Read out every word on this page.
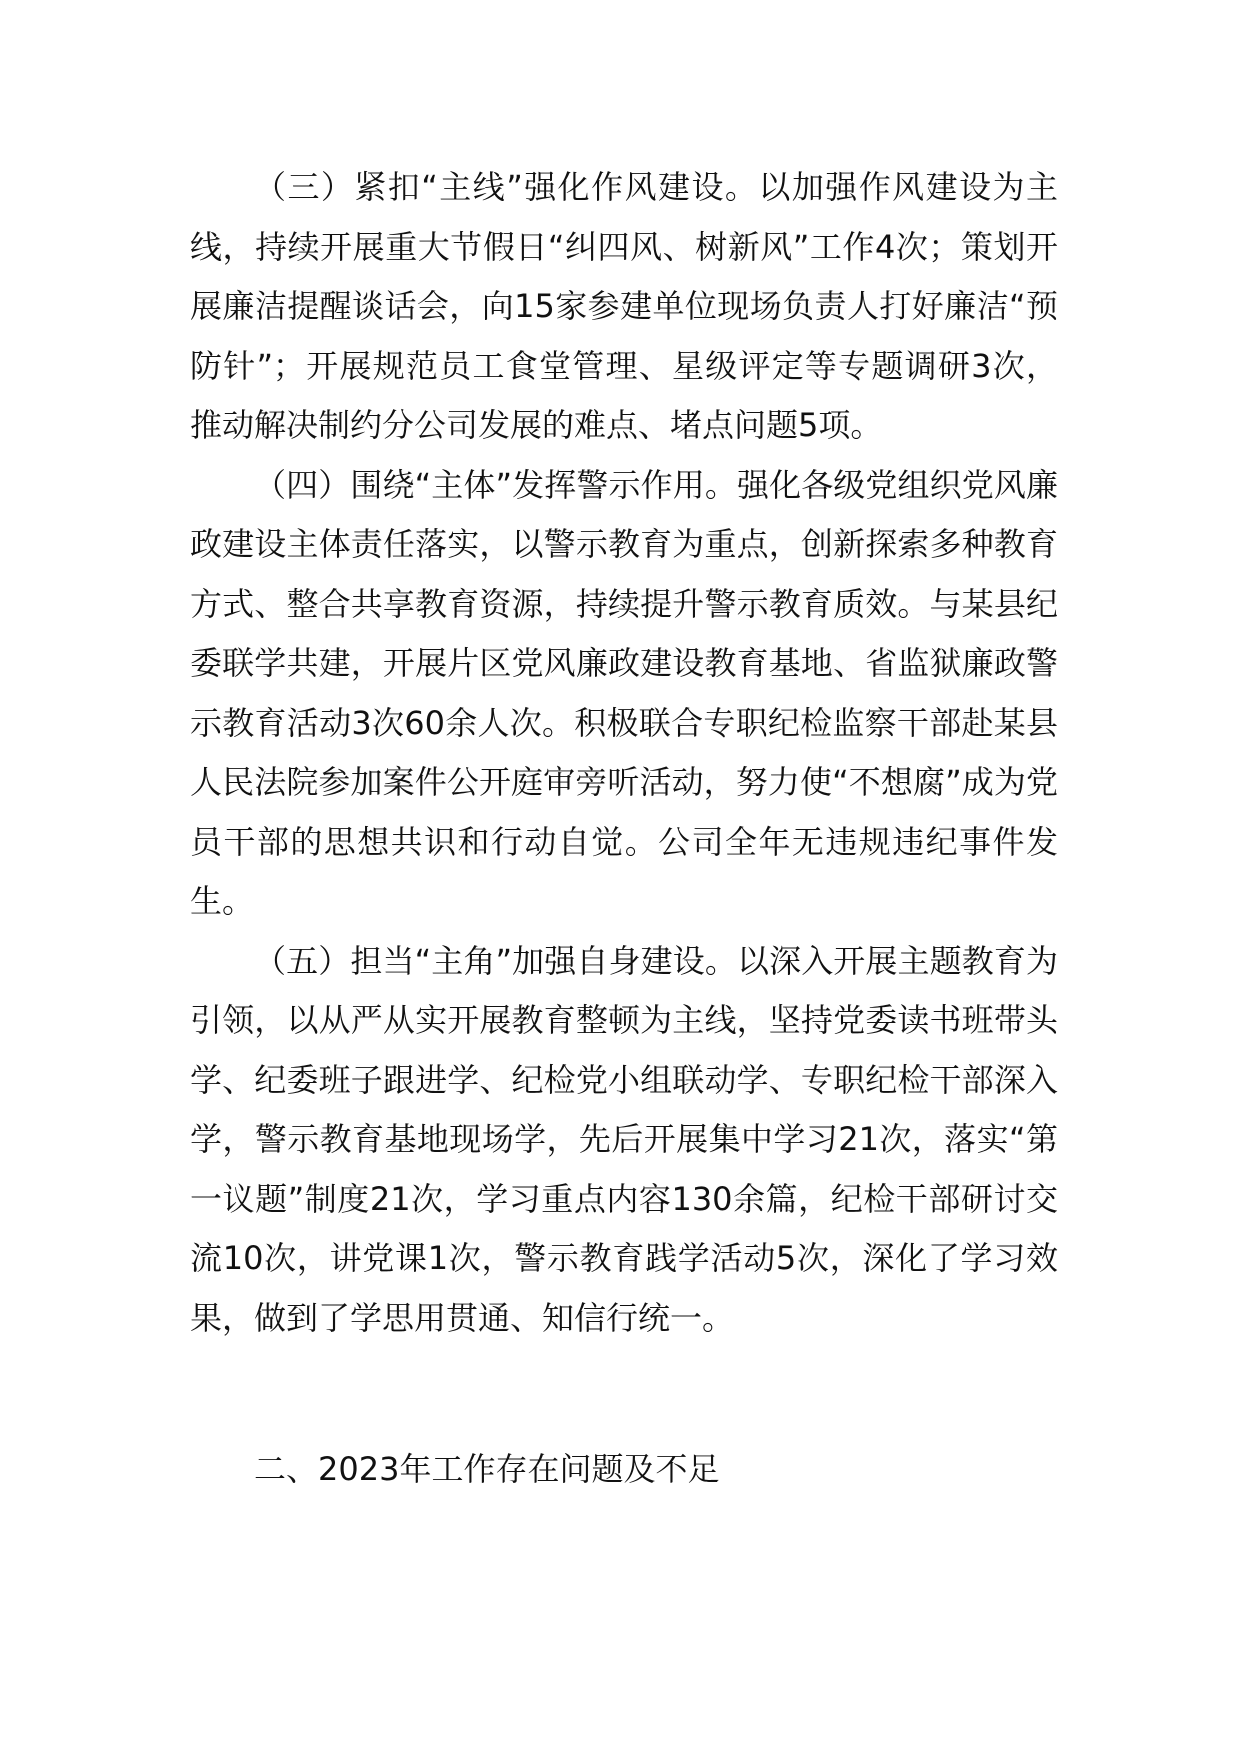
（三）紧扣“主线”强化作风建设。以加强作风建设为主线，持续开展重大节假日“纠四风、树新风”工作4次；策划开展廉洁提醒谈话会，向15家参建单位现场负责人打好廉洁“预防针”；开展规范员工食堂管理、星级评定等专题调研3次，推动解决制约分公司发展的难点、堵点问题5项。

（四）围绕“主体”发挥警示作用。强化各级党组织党风廉政建设主体责任落实，以警示教育为重点，创新探索多种教育方式、整合共享教育资源，持续提升警示教育质效。与某县纪委联学共建，开展片区党风廉政建设教育基地、省监狱廉政警示教育活动3次60余人次。积极联合专职纪检监察干部赴某县人民法院参加案件公开庭审旁听活动，努力使“不想腐”成为党员干部的思想共识和行动自觉。公司全年无违规违纪事件发生。

（五）担当“主角”加强自身建设。以深入开展主题教育为引领，以从严从实开展教育整顿为主线，坚持党委读书班带头学、纪委班子跟进学、纪检党小组联动学、专职纪检干部深入学，警示教育基地现场学，先后开展集中学习21次，落实“第一议题”制度21次，学习重点内容130余篇，纪检干部研讨交流10次，讲党课1次，警示教育践学活动5次，深化了学习效果，做到了学思用贯通、知信行统一。

二、2023年工作存在问题及不足
